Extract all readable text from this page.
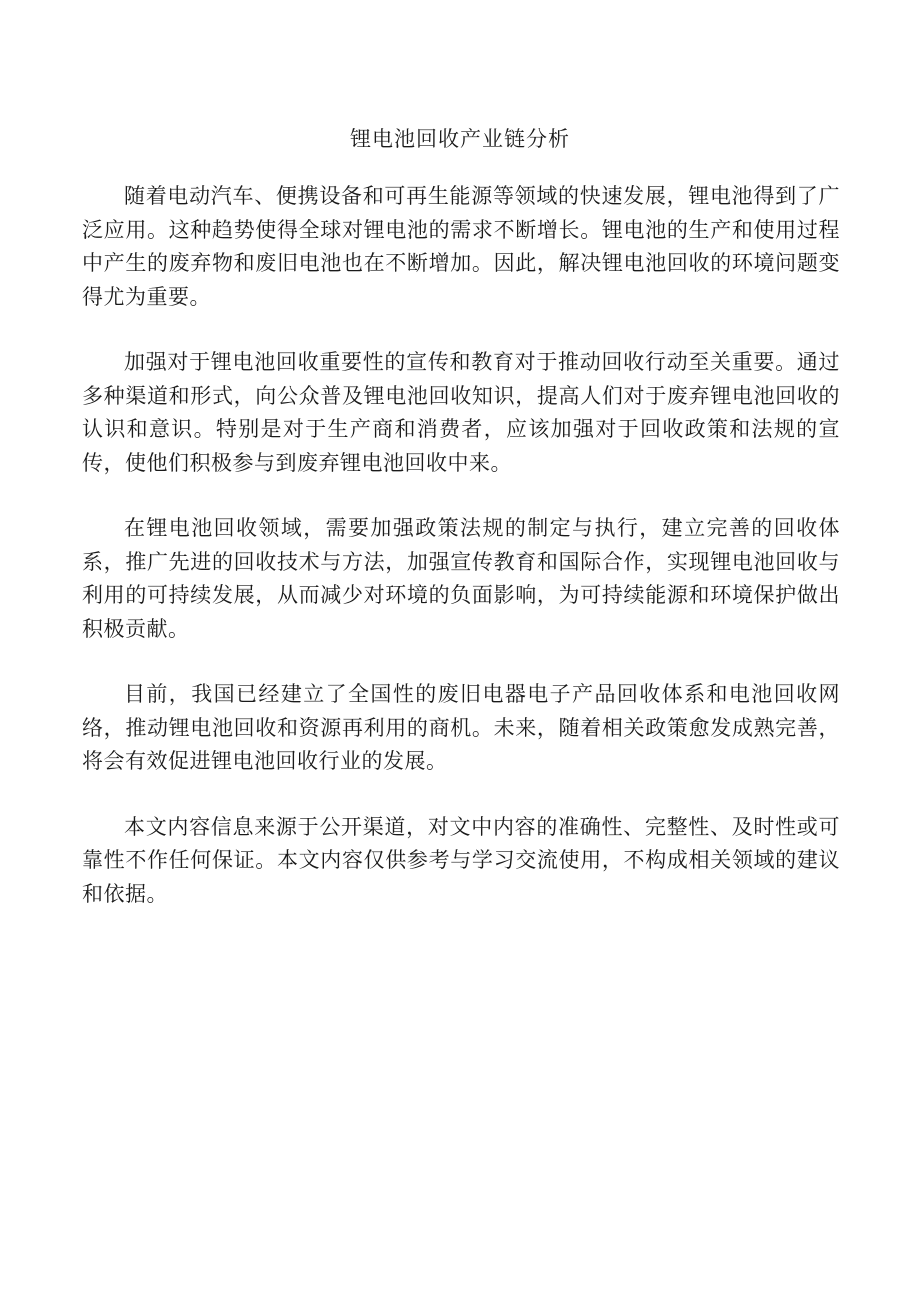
锂电池回收产业链分析

随着电动汽车、便携设备和可再生能源等领域的快速发展，锂电池得到了广泛应用。这种趋势使得全球对锂电池的需求不断增长。锂电池的生产和使用过程中产生的废弃物和废旧电池也在不断增加。因此，解决锂电池回收的环境问题变得尤为重要。

加强对于锂电池回收重要性的宣传和教育对于推动回收行动至关重要。通过多种渠道和形式，向公众普及锂电池回收知识，提高人们对于废弃锂电池回收的认识和意识。特别是对于生产商和消费者，应该加强对于回收政策和法规的宣传，使他们积极参与到废弃锂电池回收中来。

在锂电池回收领域，需要加强政策法规的制定与执行，建立完善的回收体系，推广先进的回收技术与方法，加强宣传教育和国际合作，实现锂电池回收与利用的可持续发展，从而减少对环境的负面影响，为可持续能源和环境保护做出积极贡献。

目前，我国已经建立了全国性的废旧电器电子产品回收体系和电池回收网络，推动锂电池回收和资源再利用的商机。未来，随着相关政策愈发成熟完善，将会有效促进锂电池回收行业的发展。

本文内容信息来源于公开渠道，对文中内容的准确性、完整性、及时性或可靠性不作任何保证。本文内容仅供参考与学习交流使用，不构成相关领域的建议和依据。
